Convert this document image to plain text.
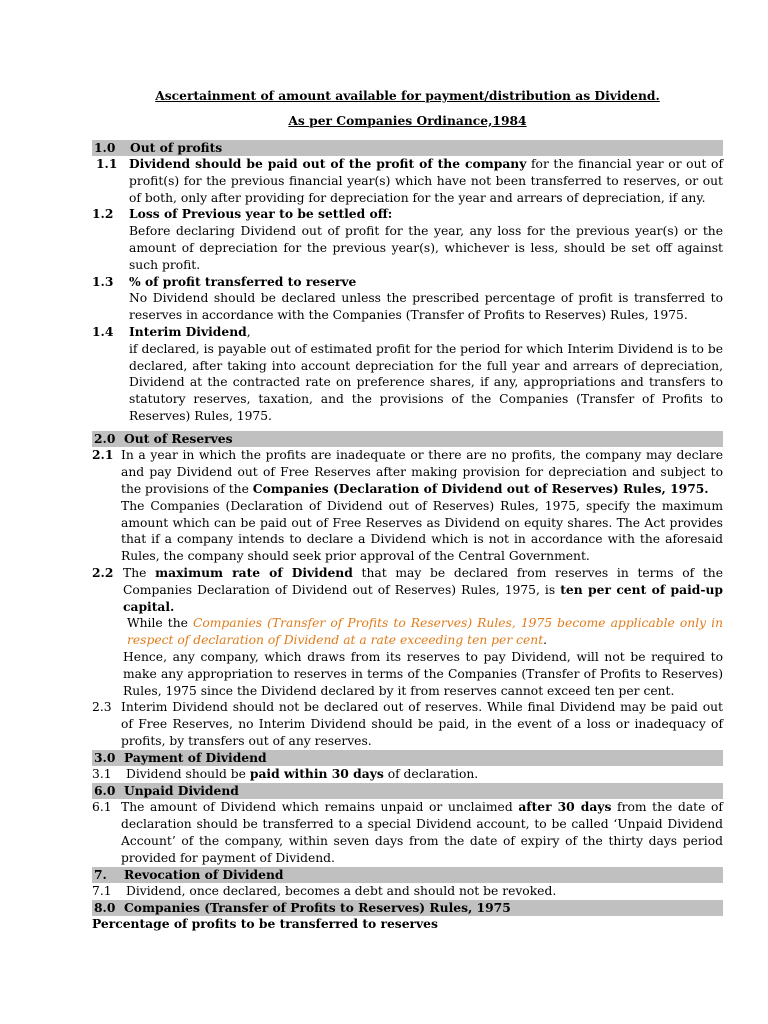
Ascertainment of amount available for payment/distribution as Dividend.

As per Companies Ordinance,1984

1.0	Out of profits
1.1 Dividend should be paid out of the profit of the company for the financial year or out of profit(s) for the previous financial year(s) which have not been transferred to reserves, or out of both, only after providing for depreciation for the year and arrears of depreciation, if any.

1.2	Loss of Previous year to be settled off:

Before declaring Dividend out of profit for the year, any loss for the previous year(s) or the amount of depreciation for the previous year(s), whichever is less, should be set off against such profit.

1.3	% of profit transferred to reserve

No Dividend should be declared unless the prescribed percentage of profit is transferred to reserves in accordance with the Companies (Transfer of Profits to Reserves) Rules, 1975.

1.4	Interim Dividend,

if declared, is payable out of estimated profit for the period for which Interim Dividend is to be declared, after taking into account depreciation for the full year and arrears of depreciation, Dividend at the contracted rate on preference shares, if any, appropriations and transfers to statutory reserves, taxation, and the provisions of the Companies (Transfer of Profits to Reserves) Rules, 1975.

2.0 Out of Reserves
2.1 In a year in which the profits are inadequate or there are no profits, the company may declare and pay Dividend out of Free Reserves after making provision for depreciation and subject to the provisions of the Companies (Declaration of Dividend out of Reserves) Rules, 1975.

The Companies (Declaration of Dividend out of Reserves) Rules, 1975, specify the maximum amount which can be paid out of Free Reserves as Dividend on equity shares. The Act provides that if a company intends to declare a Dividend which is not in accordance with the aforesaid Rules, the company should seek prior approval of the Central Government.

2.2 The maximum rate of Dividend that may be declared from reserves in terms of the Companies Declaration of Dividend out of Reserves) Rules, 1975, is ten per cent of paid-up capital.

While the Companies (Transfer of Profits to Reserves) Rules, 1975 become applicable only in respect of declaration of Dividend at a rate exceeding ten per cent.

Hence, any company, which draws from its reserves to pay Dividend, will not be required to make any appropriation to reserves in terms of the Companies (Transfer of Profits to Reserves) Rules, 1975 since the Dividend declared by it from reserves cannot exceed ten per cent.

2.3 Interim Dividend should not be declared out of reserves. While final Dividend may be paid out of Free Reserves, no Interim Dividend should be paid, in the event of a loss or inadequacy of profits, by transfers out of any reserves.

3.0 Payment of Dividend
3.1	Dividend should be paid within 30 days of declaration.

6.0 Unpaid Dividend
6.1 The amount of Dividend which remains unpaid or unclaimed after 30 days from the date of declaration should be transferred to a special Dividend account, to be called ‘Unpaid Dividend Account’ of the company, within seven days from the date of expiry of the thirty days period provided for payment of Dividend.

7.	Revocation of Dividend
7.1	Dividend, once declared, becomes a debt and should not be revoked.

8.0 Companies (Transfer of Profits to Reserves) Rules, 1975

Percentage of profits to be transferred to reserves
